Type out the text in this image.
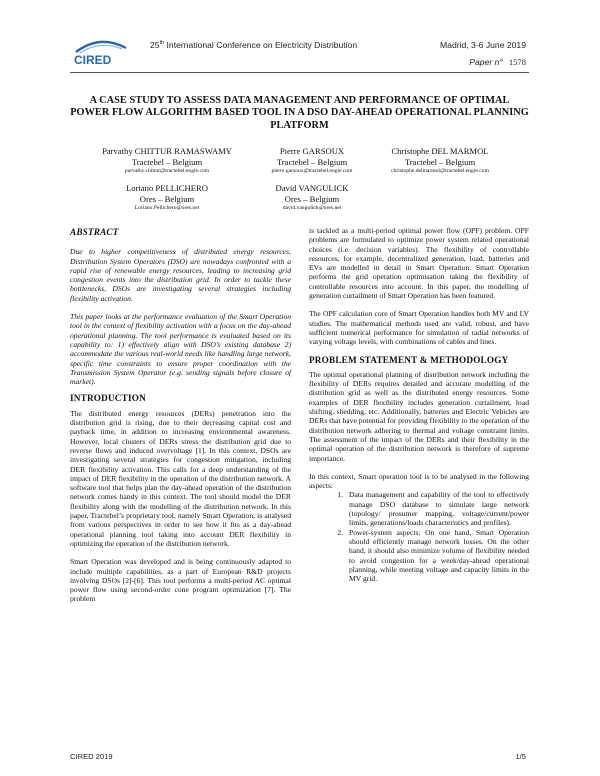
CIRED
25th International Conference on Electricity Distribution	Madrid, 3-6 June 2019
Paper n° 1578
A CASE STUDY TO ASSESS DATA MANAGEMENT AND PERFORMANCE OF OPTIMAL POWER FLOW ALGORITHM BASED TOOL IN A DSO DAY-AHEAD OPERATIONAL PLANNING PLATFORM
Parvathy CHITTUR RAMASWAMY
Tractebel – Belgium
parvathy.chittur@tractebel.engie.com
Pierre GARSOUX
Tractebel – Belgium
pierre.garsoux@tractebel.engie.com
Christophe DEL MARMOL
Tractebel – Belgium
christophe.delmarmol@tractebel.engie.com
Loriano PELLICHERO
Ores – Belgium
Loriano.Pellichero@ores.net
David VANGULICK
Ores – Belgium
david.vangulick@ores.net
ABSTRACT

Due to higher competitiveness of distributed energy resources, Distribution System Operators (DSO) are nowadays confronted with a rapid rise of renewable energy resources, leading to increasing grid congestion events into the distribution grid. In order to tackle these bottlenecks, DSOs are investigating several strategies including flexibility activation.

This paper looks at the performance evaluation of the Smart Operation tool in the context of flexibility activation with a focus on the day-ahead operational planning. The tool performance is evaluated based on its capability to: 1) effectively align with DSO’s existing database 2) accommodate the various real-world needs like handling large network, specific time constraints to ensure proper coordination with the Transmission System Operator (e.g. sending signals before closure of market).

INTRODUCTION

The distributed energy resources (DERs) penetration into the distribution grid is rising, due to their decreasing capital cost and payback time, in addition to increasing environmental awareness. However, local clusters of DERs stress the distribution grid due to reverse flows and induced overvoltage [1]. In this context, DSOs are investigating several strategies for congestion mitigation, including DER flexibility activation. This calls for a deep understanding of the impact of DER flexibility in the operation of the distribution network. A software tool that helps plan the day-ahead operation of the distribution network comes handy in this context. The tool should model the DER flexibility along with the modelling of the distribution network. In this paper, Tractebel’s proprietary tool, namely Smart Operation, is analysed from various perspectives in order to see how it fits as a day-ahead operational planning tool taking into account DER flexibility in optimizing the operation of the distribution network.

Smart Operation was developed and is being continuously adapted to include multiple capabilities, as a part of European R&D projects involving DSOs [2]-[6]. This tool performs a multi-period AC optimal power flow using second-order cone program optimization [7]. The problem

is tackled as a multi-period optimal power flow (OPF) problem. OPF problems are formulated to optimize power system related operational choices (i.e. decision variables). The flexibility of controllable resources, for example, decentralized generation, load, batteries and EVs are modelled in detail in Smart Operation. Smart Operation performs the grid operation optimisation taking the flexibility of controllable resources into account. In this paper, the modelling of generation curtailment of Smart Operation has been featured.

The OPF calculation core of Smart Operation handles both MV and LV studies. The mathematical methods used are valid, robust, and have sufficient numerical performance for simulation of radial networks of varying voltage levels, with combinations of cables and lines.

PROBLEM STATEMENT & METHODOLOGY

The optimal operational planning of distribution network including the flexibility of DERs requires detailed and accurate modelling of the distribution grid as well as the distributed energy resources. Some examples of DER flexibility includes generation curtailment, load shifting, shedding, etc. Additionally, batteries and Electric Vehicles are DERs that have potential for providing flexibility to the operation of the distribution network adhering to thermal and voltage constraint limits. The assessment of the impact of the DERs and their flexibility in the optimal operation of the distribution network is therefore of supreme importance.

In this context, Smart operation tool is to be analysed in the following aspects:

1. Data management and capability of the tool to effectively manage DSO database to simulate large network (topology/ prosumer mapping, voltage/current/power limits, generations/loads characteristics and profiles).
2. Power-system aspects: On one hand, Smart Operation should efficiently manage network losses. On the other hand, it should also minimize volume of flexibility needed to avoid congestion for a week/day-ahead operational planning, while meeting voltage and capacity limits in the MV grid.
CIRED 2019	1/5
